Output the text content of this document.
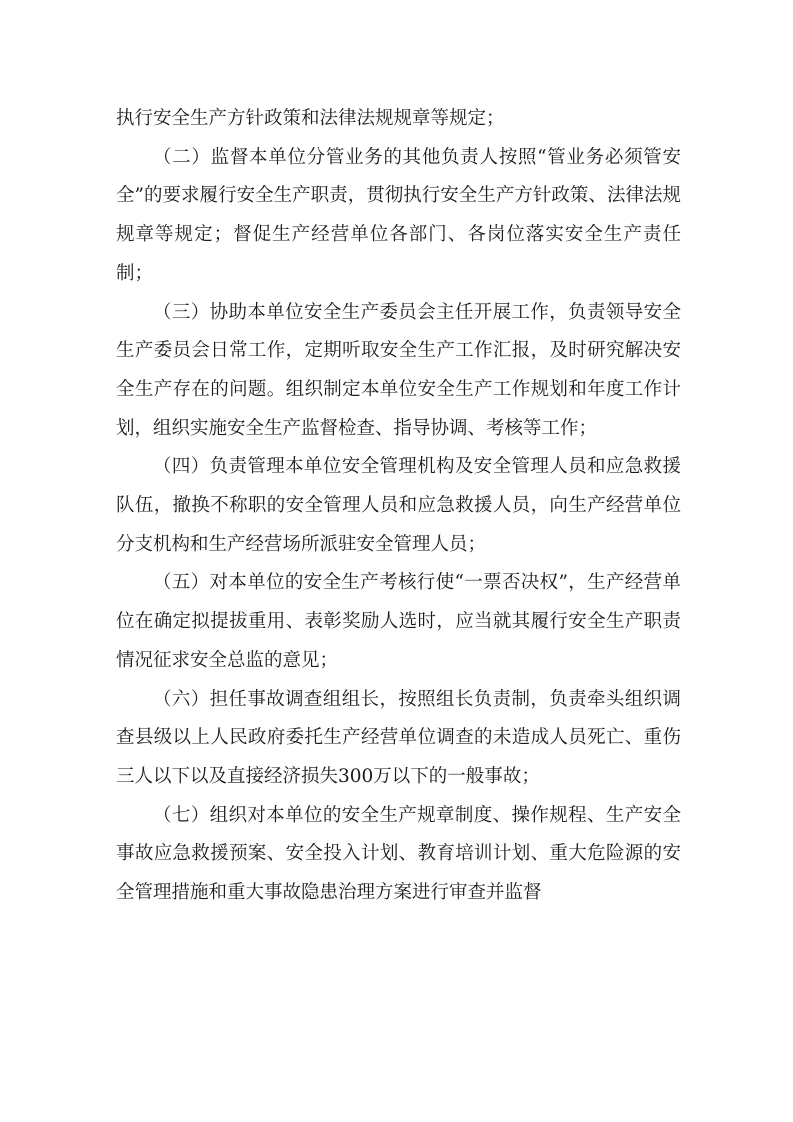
执行安全生产方针政策和法律法规规章等规定；

（二）监督本单位分管业务的其他负责人按照“管业务必须管安全”的要求履行安全生产职责，贯彻执行安全生产方针政策、法律法规规章等规定；督促生产经营单位各部门、各岗位落实安全生产责任制；

（三）协助本单位安全生产委员会主任开展工作，负责领导安全生产委员会日常工作，定期听取安全生产工作汇报，及时研究解决安全生产存在的问题。组织制定本单位安全生产工作规划和年度工作计划，组织实施安全生产监督检查、指导协调、考核等工作；

（四）负责管理本单位安全管理机构及安全管理人员和应急救援队伍，撤换不称职的安全管理人员和应急救援人员，向生产经营单位分支机构和生产经营场所派驻安全管理人员；

（五）对本单位的安全生产考核行使“一票否决权”，生产经营单位在确定拟提拔重用、表彰奖励人选时，应当就其履行安全生产职责情况征求安全总监的意见；

（六）担任事故调查组组长，按照组长负责制，负责牵头组织调查县级以上人民政府委托生产经营单位调查的未造成人员死亡、重伤三人以下以及直接经济损失300万以下的一般事故；

（七）组织对本单位的安全生产规章制度、操作规程、生产安全事故应急救援预案、安全投入计划、教育培训计划、重大危险源的安全管理措施和重大事故隐患治理方案进行审查并监督
